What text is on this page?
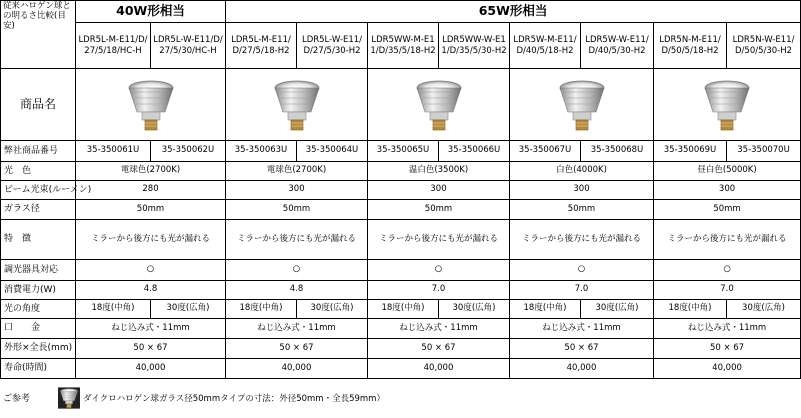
従来ハロゲン球との明るさ比較(目安)	40W形相当		65W形相当							
	LDR5L-M-E11/D/27/5/18/HC-H	LDR5L-W-E11/D/27/5/30/HC-H	LDR5L-M-E11/D/27/5/18-H2	LDR5L-W-E11/D/27/5/30-H2	LDR5WW-M-E11/D/35/5/18-H2	LDR5WW-W-E11/D/35/5/30-H2	LDR5W-M-E11/D/40/5/18-H2	LDR5W-W-E11/D/40/5/30-H2	LDR5N-M-E11/D/50/5/18-H2	LDR5N-W-E11/D/50/5/30-H2
商品名	

弊社商品番号	35-350061U	35-350062U	35-350063U	35-350064U	35-350065U	35-350066U	35-350067U	35-350068U	35-350069U	35-350070U
光　色	電球色(2700K)		電球色(2700K)		温白色(3500K)		白色(4000K)		昼白色(5000K)	
ビーム光束(ルーメン)	280		300		300		300		300	
ガラス径	50mm		50mm		50mm		50mm		50mm	
特　徴	ミラーから後方にも光が漏れる		ミラーから後方にも光が漏れる		ミラーから後方にも光が漏れる		ミラーから後方にも光が漏れる		ミラーから後方にも光が漏れる	
調光器具対応	○		○		○		○		○	
消費電力(W)	4.8		4.8		7.0		7.0		7.0	
光の角度	18度(中角)	30度(広角)	18度(中角)	30度(広角)	18度(中角)	30度(広角)	18度(中角)	30度(広角)	18度(中角)	30度(広角)
口　　金	ねじ込み式・11mm		ねじ込み式・11mm		ねじ込み式・11mm		ねじ込み式・11mm		ねじ込み式・11mm	
外形×全長(mm)	50 × 67		50 × 67		50 × 67		50 × 67		50 × 67	
寿命(時間)	40,000		40,000		40,000		40,000		40,000	
ご参考	ダイクロハロゲン球ガラス径50mmタイプの寸法：外径50mm・全長59mm）
